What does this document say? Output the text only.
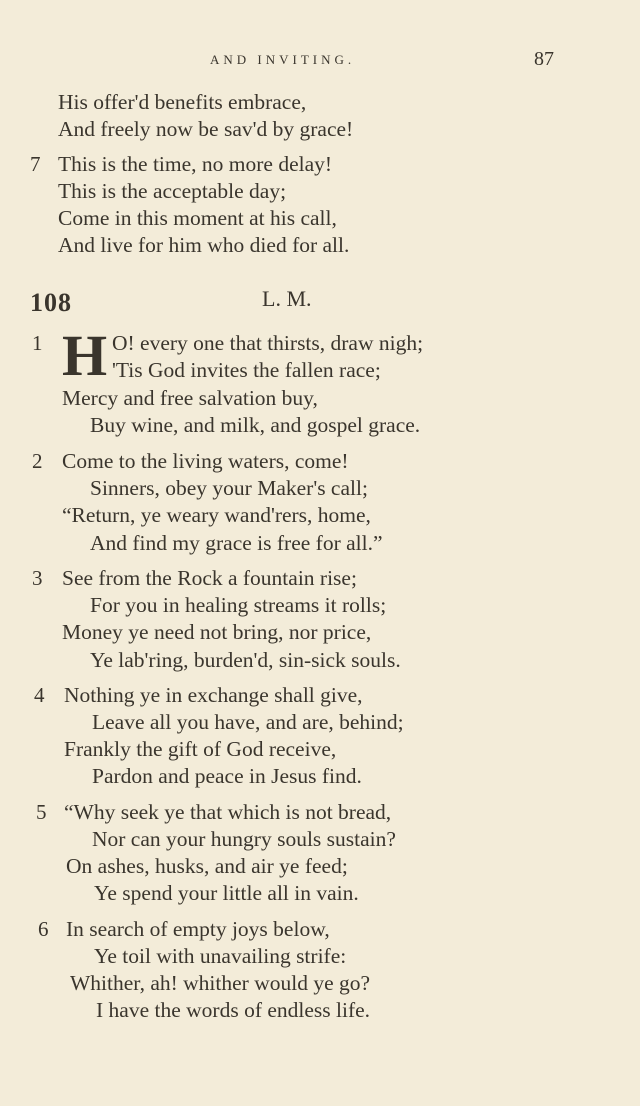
AND INVITING.	87
His offer'd benefits embrace,
And freely now be sav'd by grace!
7 This is the time, no more delay!
This is the acceptable day;
Come in this moment at his call,
And live for him who died for all.
108	L. M.
1 H O! every one that thirsts, draw nigh;
'Tis God invites the fallen race;
Mercy and free salvation buy,
Buy wine, and milk, and gospel grace.
2 Come to the living waters, come!
Sinners, obey your Maker's call;
“Return, ye weary wand'rers, home,
And find my grace is free for all.”
3 See from the Rock a fountain rise;
For you in healing streams it rolls;
Money ye need not bring, nor price,
Ye lab'ring, burden'd, sin-sick souls.
4 Nothing ye in exchange shall give,
Leave all you have, and are, behind;
Frankly the gift of God receive,
Pardon and peace in Jesus find.
5 “Why seek ye that which is not bread,
Nor can your hungry souls sustain?
On ashes, husks, and air ye feed;
Ye spend your little all in vain.
6 In search of empty joys below,
Ye toil with unavailing strife:
Whither, ah! whither would ye go?
I have the words of endless life.
